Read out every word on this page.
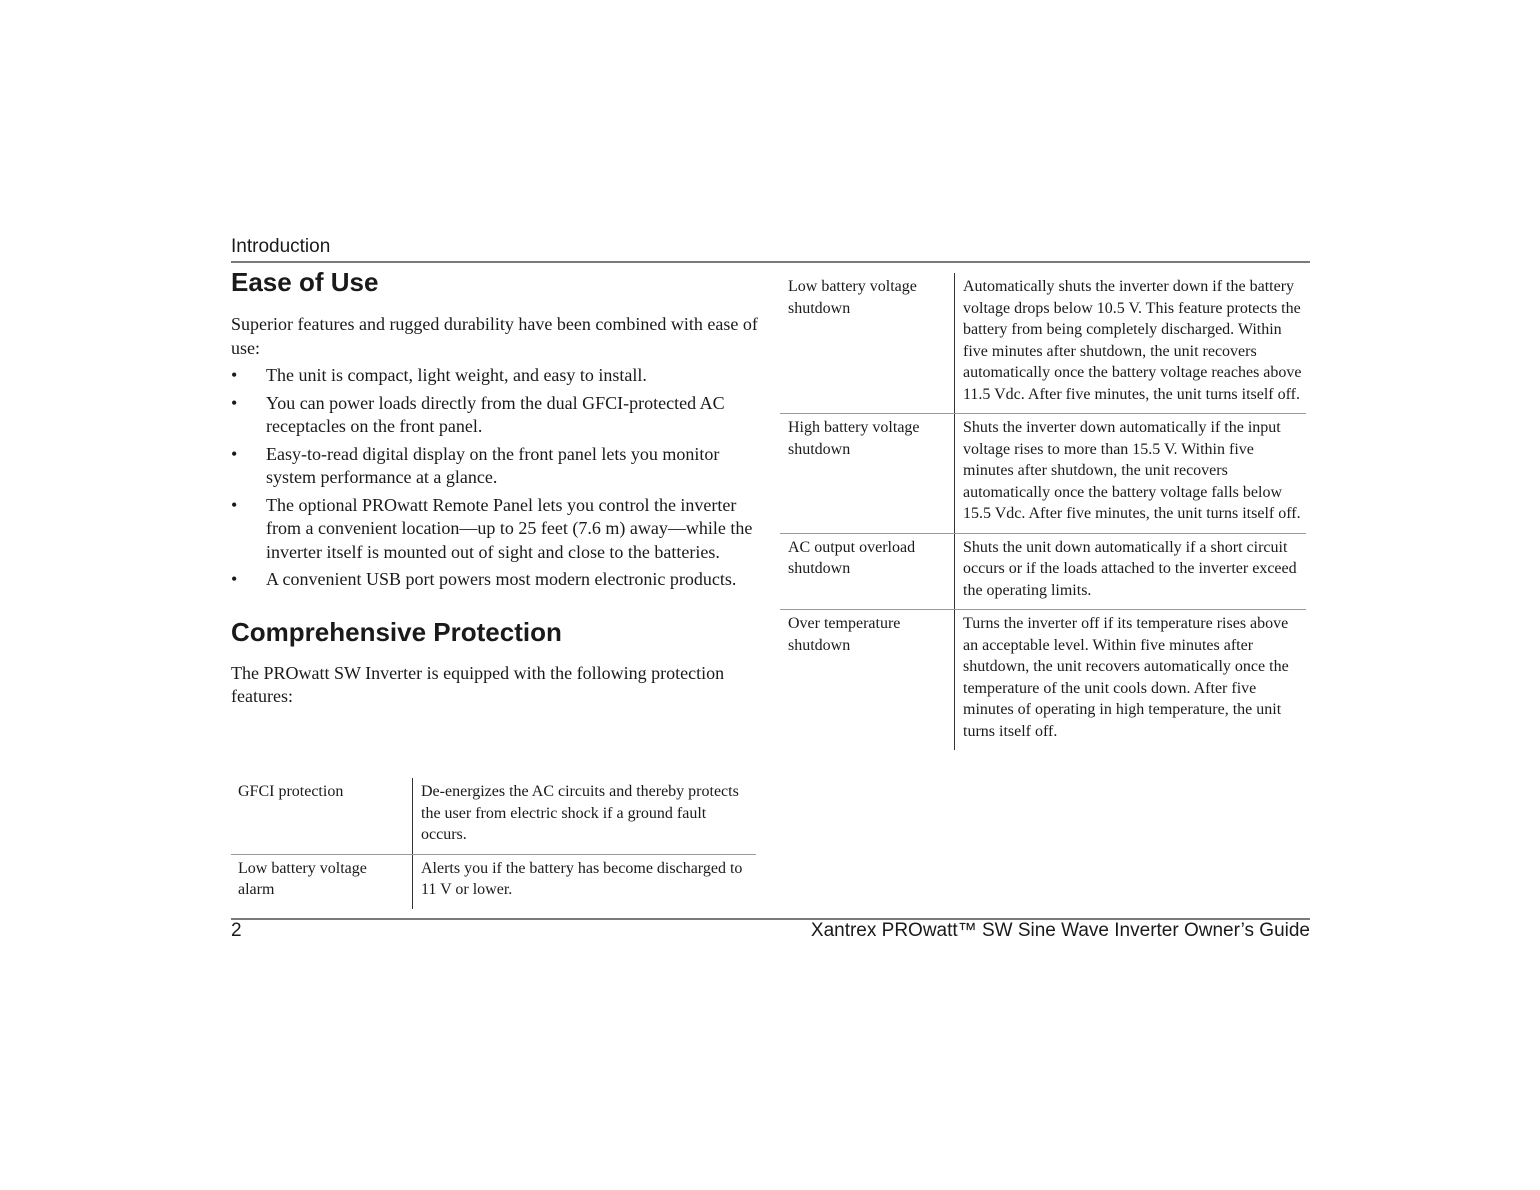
Introduction
Ease of Use

Superior features and rugged durability have been combined with ease of use:

• The unit is compact, light weight, and easy to install.
• You can power loads directly from the dual GFCI-protected AC receptacles on the front panel.
• Easy-to-read digital display on the front panel lets you monitor system performance at a glance.
• The optional PROwatt Remote Panel lets you control the inverter from a convenient location—up to 25 feet (7.6 m) away—while the inverter itself is mounted out of sight and close to the batteries.
• A convenient USB port powers most modern electronic products.
Comprehensive Protection

The PROwatt SW Inverter is equipped with the following protection features:

GFCI protection	De-energizes the AC circuits and thereby protects the user from electric shock if a ground fault occurs.
Low battery voltage alarm	Alerts you if the battery has become discharged to 11 V or lower.
Low battery voltage shutdown	Automatically shuts the inverter down if the battery voltage drops below 10.5 V. This feature protects the battery from being completely discharged. Within five minutes after shutdown, the unit recovers automatically once the battery voltage reaches above 11.5 Vdc. After five minutes, the unit turns itself off.
High battery voltage shutdown	Shuts the inverter down automatically if the input voltage rises to more than 15.5 V. Within five minutes after shutdown, the unit recovers automatically once the battery voltage falls below 15.5 Vdc. After five minutes, the unit turns itself off.
AC output overload shutdown	Shuts the unit down automatically if a short circuit occurs or if the loads attached to the inverter exceed the operating limits.
Over temperature shutdown	Turns the inverter off if its temperature rises above an acceptable level. Within five minutes after shutdown, the unit recovers automatically once the temperature of the unit cools down. After five minutes of operating in high temperature, the unit turns itself off.
2	Xantrex PROwatt™ SW Sine Wave Inverter Owner’s Guide
